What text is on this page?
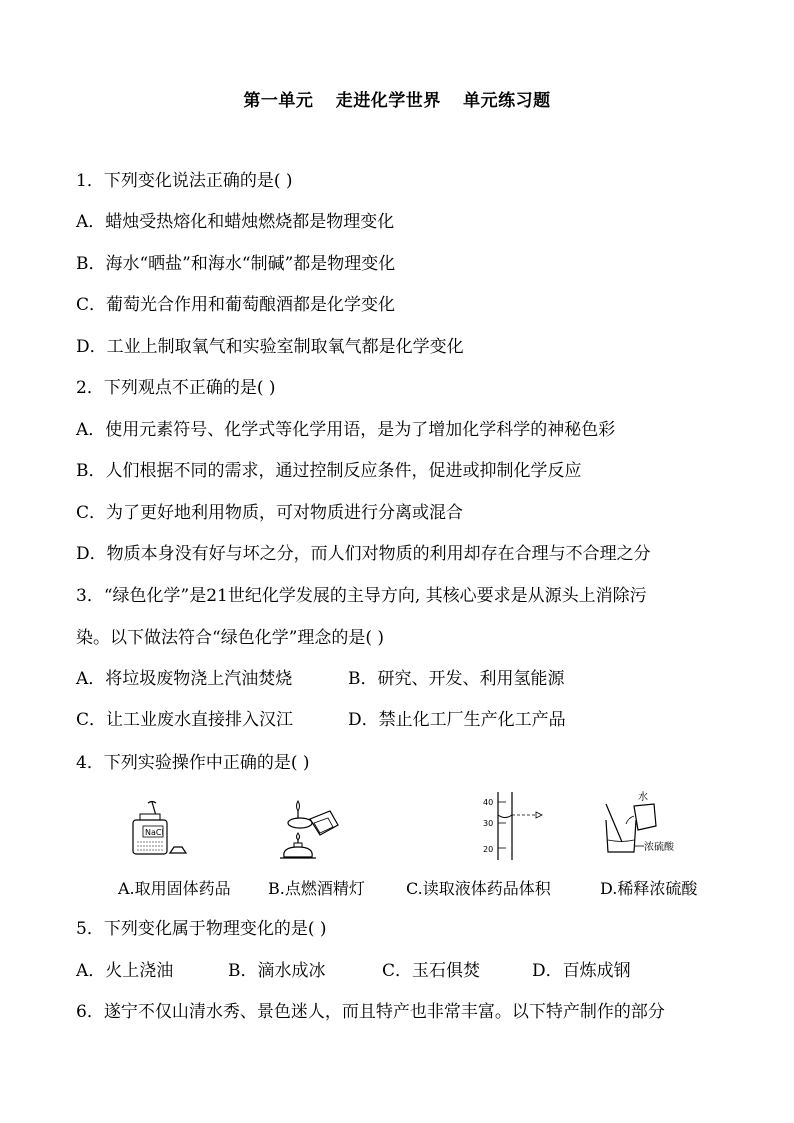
第一单元 走进化学世界 单元练习题
1．下列变化说法正确的是( )
A．蜡烛受热熔化和蜡烛燃烧都是物理变化
B．海水“晒盐”和海水“制碱”都是物理变化
C．葡萄光合作用和葡萄酿酒都是化学变化
D．工业上制取氧气和实验室制取氧气都是化学变化
2．下列观点不正确的是( )
A．使用元素符号、化学式等化学用语，是为了增加化学科学的神秘色彩
B．人们根据不同的需求，通过控制反应条件，促进或抑制化学反应
C．为了更好地利用物质，可对物质进行分离或混合
D．物质本身没有好与坏之分，而人们对物质的利用却存在合理与不合理之分
3．“绿色化学”是21世纪化学发展的主导方向, 其核心要求是从源头上消除污
染。以下做法符合“绿色化学”理念的是( )
A．将垃圾废物浇上汽油焚烧	B．研究、开发、利用氢能源
C．让工业废水直接排入汉江	D．禁止化工厂生产化工产品
4．下列实验操作中正确的是( )
NaCl
40
30
20
水
浓硫酸
A.取用固体药品 B.点燃酒精灯	C.读取液体药品体积	D.稀释浓硫酸
5．下列变化属于物理变化的是( )
A．火上浇油	B．滴水成冰	C．玉石俱焚	D．百炼成钢
6．遂宁不仅山清水秀、景色迷人，而且特产也非常丰富。以下特产制作的部分
